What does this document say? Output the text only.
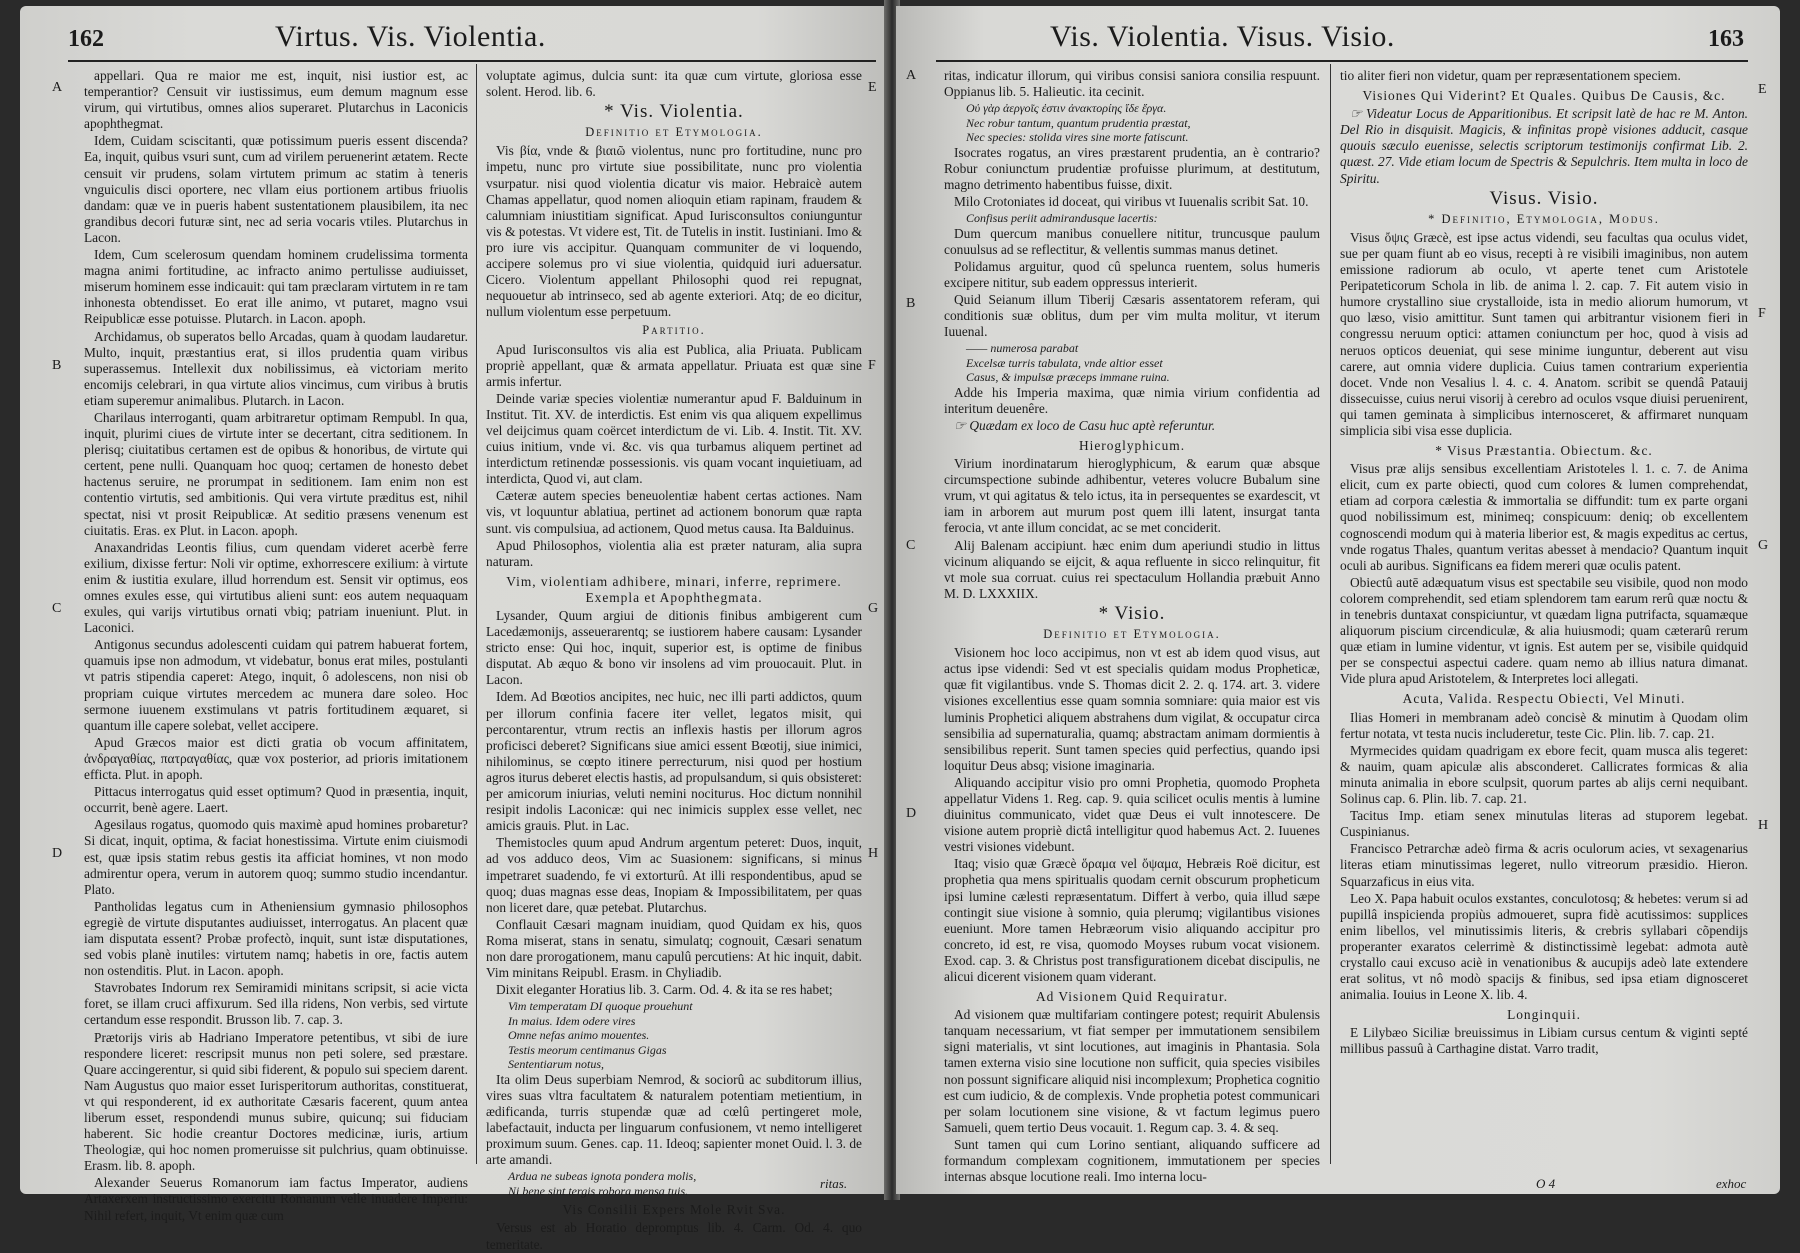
162	Virtus. Vis. Violentia.
A
B
C
D
E
F
G
H

appellari. Qua re maior me est, inquit, nisi iustior est, ac temperantior? Censuit vir iustissimus, eum demum magnum esse virum, qui virtutibus, omnes alios superaret. Plutarchus in Laconicis apophthegmat.

Idem, Cuidam sciscitanti, quæ potissimum pueris essent discenda? Ea, inquit, quibus vsuri sunt, cum ad virilem peruenerint ætatem. Recte censuit vir prudens, solam virtutem primum ac statim à teneris vnguiculis disci oportere, nec vllam eius portionem artibus friuolis dandam: quæ ve in pueris habent sustentationem plausibilem, ita nec grandibus decori futuræ sint, nec ad seria vocaris vtiles. Plutarchus in Lacon.

Idem, Cum scelerosum quendam hominem crudelissima tormenta magna animi fortitudine, ac infracto animo pertulisse audiuisset, miserum hominem esse indicauit: qui tam præclaram virtutem in re tam inhonesta obtendisset. Eo erat ille animo, vt putaret, magno vsui Reipublicæ esse potuisse. Plutarch. in Lacon. apoph.

Archidamus, ob superatos bello Arcadas, quam à quodam laudaretur. Multo, inquit, præstantius erat, si illos prudentia quam viribus superassemus. Intellexit dux nobilissimus, eà victoriam merito encomijs celebrari, in qua virtute alios vincimus, cum viribus à brutis etiam superemur animalibus. Plutarch. in Lacon.

Charilaus interroganti, quam arbitraretur optimam Rempubl. In qua, inquit, plurimi ciues de virtute inter se decertant, citra seditionem. In plerisq; ciuitatibus certamen est de opibus & honoribus, de virtute qui certent, pene nulli. Quanquam hoc quoq; certamen de honesto debet hactenus seruire, ne prorumpat in seditionem. Iam enim non est contentio virtutis, sed ambitionis. Qui vera virtute præditus est, nihil spectat, nisi vt prosit Reipublicæ. At seditio præsens venenum est ciuitatis. Eras. ex Plut. in Lacon. apoph.

Anaxandridas Leontis filius, cum quendam videret acerbè ferre exilium, dixisse fertur: Noli vir optime, exhorrescere exilium: à virtute enim & iustitia exulare, illud horrendum est. Sensit vir optimus, eos omnes exules esse, qui virtutibus alieni sunt: eos autem nequaquam exules, qui varijs virtutibus ornati vbiq; patriam inueniunt. Plut. in Laconici.

Antigonus secundus adolescenti cuidam qui patrem habuerat fortem, quamuis ipse non admodum, vt videbatur, bonus erat miles, postulanti vt patris stipendia caperet: Atego, inquit, ô adolescens, non nisi ob propriam cuique virtutes mercedem ac munera dare soleo. Hoc sermone iuuenem exstimulans vt patris fortitudinem æquaret, si quantum ille capere solebat, vellet accipere.

Apud Græcos maior est dicti gratia ob vocum affinitatem, ἀνδραγαθίας, πατραγαθίας, quæ vox posterior, ad prioris imitationem efficta. Plut. in apoph.

Pittacus interrogatus quid esset optimum? Quod in præsentia, inquit, occurrit, benè agere. Laert.

Agesilaus rogatus, quomodo quis maximè apud homines probaretur? Si dicat, inquit, optima, & faciat honestissima. Virtute enim ciuismodi est, quæ ipsis statim rebus gestis ita afficiat homines, vt non modo admirentur opera, verum in autorem quoq; summo studio incendantur. Plato.

Pantholidas legatus cum in Atheniensium gymnasio philosophos egregiè de virtute disputantes audiuisset, interrogatus. An placent quæ iam disputata essent? Probæ profectò, inquit, sunt istæ disputationes, sed vobis planè inutiles: virtutem namq; habetis in ore, factis autem non ostenditis. Plut. in Lacon. apoph.

Stavrobates Indorum rex Semiramidi minitans scripsit, si acie victa foret, se illam cruci affixurum. Sed illa ridens, Non verbis, sed virtute certandum esse respondit. Brusson lib. 7. cap. 3.

Prætorijs viris ab Hadriano Imperatore petentibus, vt sibi de iure respondere liceret: rescripsit munus non peti solere, sed præstare. Quare accingerentur, si quid sibi fiderent, & populo sui speciem darent. Nam Augustus quo maior esset Iurisperitorum authoritas, constituerat, vt qui responderent, id ex authoritate Cæsaris facerent, quum antea liberum esset, respondendi munus subire, quicunq; sui fiduciam haberent. Sic hodie creantur Doctores medicinæ, iuris, artium Theologiæ, qui hoc nomen promeruisse sit pulchrius, quam obtinuisse. Erasm. lib. 8. apoph.

Alexander Seuerus Romanorum iam factus Imperator, audiens Artaxerxem instructissimo exercitu Romanum velle inuadere Imperiu: Nihil refert, inquit, Vt enim quæ cum

voluptate agimus, dulcia sunt: ita quæ cum virtute, gloriosa esse solent. Herod. lib. 6.

* Vis. Violentia.
Definitio et Etymologia.

Vis βία, vnde & βιαιῶ violentus, nunc pro fortitudine, nunc pro impetu, nunc pro virtute siue possibilitate, nunc pro violentia vsurpatur. nisi quod violentia dicatur vis maior. Hebraicè autem Chamas appellatur, quod nomen alioquin etiam rapinam, fraudem & calumniam iniustitiam significat. Apud Iurisconsultos coniunguntur vis & potestas. Vt videre est, Tit. de Tutelis in instit. Iustiniani. Imo & pro iure vis accipitur. Quanquam communiter de vi loquendo, accipere solemus pro vi siue violentia, quidquid iuri aduersatur. Cicero. Violentum appellant Philosophi quod rei repugnat, nequouetur ab intrinseco, sed ab agente exteriori. Atq; de eo dicitur, nullum violentum esse perpetuum.

Partitio.

Apud Iurisconsultos vis alia est Publica, alia Priuata. Publicam propriè appellant, quæ & armata appellatur. Priuata est quæ sine armis infertur.

Deinde variæ species violentiæ numerantur apud F. Balduinum in Institut. Tit. XV. de interdictis. Est enim vis qua aliquem expellimus vel deijcimus quam coërcet interdictum de vi. Lib. 4. Instit. Tit. XV. cuius initium, vnde vi. &c. vis qua turbamus aliquem pertinet ad interdictum retinendæ possessionis. vis quam vocant inquietiuam, ad interdicta, Quod vi, aut clam.

Cæteræ autem species beneuolentiæ habent certas actiones. Nam vis, vt loquuntur ablatiua, pertinet ad actionem bonorum quæ rapta sunt. vis compulsiua, ad actionem, Quod metus causa. Ita Balduinus.

Apud Philosophos, violentia alia est præter naturam, alia supra naturam.

Vim, violentiam adhibere, minari, inferre, reprimere. Exempla et Apophthegmata.

Lysander, Quum argiui de ditionis finibus ambigerent cum Lacedæmonijs, asseuerarentq; se iustiorem habere causam: Lysander stricto ense: Qui hoc, inquit, superior est, is optime de finibus disputat. Ab æquo & bono vir insolens ad vim prouocauit. Plut. in Lacon.

Idem. Ad Bœotios ancipites, nec huic, nec illi parti addictos, quum per illorum confinia facere iter vellet, legatos misit, qui percontarentur, vtrum rectis an inflexis hastis per illorum agros proficisci deberet? Significans siue amici essent Bœotij, siue inimici, nihilominus, se cœpto itinere perrecturum, nisi quod per hostium agros iturus deberet electis hastis, ad propulsandum, si quis obsisteret: per amicorum iniurias, veluti nemini nociturus. Hoc dictum nonnihil resipit indolis Laconicæ: qui nec inimicis supplex esse vellet, nec amicis grauis. Plut. in Lac.

Themistocles quum apud Andrum argentum peteret: Duos, inquit, ad vos adduco deos, Vim ac Suasionem: significans, si minus impetraret suadendo, fe vi extorturû. At illi respondentibus, apud se quoq; duas magnas esse deas, Inopiam & Impossibilitatem, per quas non liceret dare, quæ petebat. Plutarchus.

Conflauit Cæsari magnam inuidiam, quod Quidam ex his, quos Roma miserat, stans in senatu, simulatq; cognouit, Cæsari senatum non dare prorogationem, manu capulû percutiens: At hic inquit, dabit. Vim minitans Reipubl. Erasm. in Chyliadib.

Dixit eleganter Horatius lib. 3. Carm. Od. 4. & ita se res habet;

Vim temperatam DI quoque prouehunt

In maius. Idem odere vires

Omne nefas animo mouentes.

Testis meorum centimanus Gigas

Sententiarum notus,

Ita olim Deus superbiam Nemrod, & sociorû ac subditorum illius, vires suas vltra facultatem & naturalem potentiam metientium, in ædificanda, turris stupendæ quæ ad cœlû pertingeret mole, labefactauit, inducta per linguarum confusionem, vt nemo intelligeret proximum suum. Genes. cap. 11. Ideoq; sapienter monet Ouid. l. 3. de arte amandi.

Ardua ne subeas ignota pondera molis,

Ni bene sint tergis robora mensa tuis.

Vis Consilii Expers Mole Rvit Sva.

Versus est ab Horatio depromptus lib. 4. Carm. Od. 4. quo temeritate.

ritas.
Vis. Violentia. Visus. Visio.	163
A
B
C
D
E
F
G
H

ritas, indicatur illorum, qui viribus consisi saniora consilia respuunt. Oppianus lib. 5. Halieutic. ita cecinit.

Οὐ γὰρ ἀεργοῖς ἐστιν ἀνακτορίης ἴδε ἔργα.

Nec robur tantum, quantum prudentia præstat,

Nec species: stolida vires sine morte fatiscunt.

Isocrates rogatus, an vires præstarent prudentia, an è contrario? Robur coniunctum prudentiæ profuisse plurimum, at destitutum, magno detrimento habentibus fuisse, dixit.

Milo Crotoniates id doceat, qui viribus vt Iuuenalis scribit Sat. 10.

Confisus periit admirandusque lacertis:

Dum quercum manibus conuellere nititur, truncusque paulum conuulsus ad se reflectitur, & vellentis summas manus detinet.

Polidamus arguitur, quod cû spelunca ruentem, solus humeris excipere nititur, sub eadem oppressus interierit.

Quid Seianum illum Tiberij Cæsaris assentatorem referam, qui conditionis suæ oblitus, dum per vim multa molitur, vt iterum Iuuenal.

—— numerosa parabat

Excelsæ turris tabulata, vnde altior esset

Casus, & impulsæ præceps immane ruina.

Adde his Imperia maxima, quæ nimia virium confidentia ad interitum deuenêre.

☞ Quædam ex loco de Casu huc aptè referuntur.

Hieroglyphicum.

Virium inordinatarum hieroglyphicum, & earum quæ absque circumspectione subinde adhibentur, veteres volucre Bubalum sine vrum, vt qui agitatus & telo ictus, ita in persequentes se exardescit, vt iam in arborem aut murum post quem illi latent, insurgat tanta ferocia, vt ante illum concidat, ac se met conciderit.

Alij Balenam accipiunt. hæc enim dum aperiundi studio in littus vicinum aliquando se eijcit, & aqua refluente in sicco relinquitur, fit vt mole sua corruat. cuius rei spectaculum Hollandia præbuit Anno M. D. LXXXIIX.

* Visio.
Definitio et Etymologia.

Visionem hoc loco accipimus, non vt est ab idem quod visus, aut actus ipse videndi: Sed vt est specialis quidam modus Propheticæ, quæ fit vigilantibus. vnde S. Thomas dicit 2. 2. q. 174. art. 3. videre visiones excellentius esse quam somnia somniare: quia maior est vis luminis Prophetici aliquem abstrahens dum vigilat, & occupatur circa sensibilia ad supernaturalia, quamq; abstractam animam dormientis à sensibilibus reperit. Sunt tamen species quid perfectius, quando ipsi loquitur Deus absq; visione imaginaria.

Aliquando accipitur visio pro omni Prophetia, quomodo Propheta appellatur Videns 1. Reg. cap. 9. quia scilicet oculis mentis à lumine diuinitus communicato, videt quæ Deus ei vult innotescere. De visione autem propriè dictâ intelligitur quod habemus Act. 2. Iuuenes vestri visiones videbunt.

Itaq; visio quæ Græcè ὅραμα vel ὄψαμα, Hebræis Roë dicitur, est prophetia qua mens spiritualis quodam cernit obscurum propheticum ipsi lumine cælesti repræsentatum. Differt à verbo, quia illud sæpe contingit siue visione à somnio, quia plerumq; vigilantibus visiones eueniunt. More tamen Hebræorum visio aliquando accipitur pro concreto, id est, re visa, quomodo Moyses rubum vocat visionem. Exod. cap. 3. & Christus post transfigurationem dicebat discipulis, ne alicui dicerent visionem quam viderant.

Ad Visionem Quid Requiratur.

Ad visionem quæ multifariam contingere potest; requirit Abulensis tanquam necessarium, vt fiat semper per immutationem sensibilem signi materialis, vt sint locutiones, aut imaginis in Phantasia. Sola tamen externa visio sine locutione non sufficit, quia species visibiles non possunt significare aliquid nisi incomplexum; Prophetica cognitio est cum iudicio, & de complexis. Vnde prophetia potest communicari per solam locutionem sine visione, & vt factum legimus puero Samueli, quem tertio Deus vocauit. 1. Regum cap. 3. 4. & seq.

Sunt tamen qui cum Lorino sentiant, aliquando sufficere ad formandum complexam cognitionem, immutationem per species internas absque locutione reali. Imo interna locu-

tio aliter fieri non videtur, quam per repræsentationem speciem.

Visiones Qui Viderint? Et Quales. Quibus De Causis, &c.

☞ Videatur Locus de Apparitionibus. Et scripsit latè de hac re M. Anton. Del Rio in disquisit. Magicis, & infinitas propè visiones adducit, casque quouis sæculo euenisse, selectis scriptorum testimonijs confirmat Lib. 2. quæst. 27. Vide etiam locum de Spectris & Sepulchris. Item multa in loco de Spiritu.

Visus. Visio.
* Definitio, Etymologia, Modus.

Visus ὄψις Græcè, est ipse actus videndi, seu facultas qua oculus videt, sue per quam fiunt ab eo visus, recepti à re visibili imaginibus, non autem emissione radiorum ab oculo, vt aperte tenet cum Aristotele Peripateticorum Schola in lib. de anima l. 2. cap. 7. Fit autem visio in humore crystallino siue crystalloide, ista in medio aliorum humorum, vt quo læso, visio amittitur. Sunt tamen qui arbitrantur visionem fieri in congressu neruum optici: attamen coniunctum per hoc, quod à visis ad neruos opticos deueniat, qui sese minime iunguntur, deberent aut visu carere, aut omnia videre duplicia. Cuius tamen contrarium experientia docet. Vnde non Vesalius l. 4. c. 4. Anatom. scribit se quendâ Patauij dissecuisse, cuius nerui visorij à cerebro ad oculos vsque diuisi peruenirent, qui tamen geminata à simplicibus internosceret, & affirmaret nunquam simplicia sibi visa esse duplicia.

* Visus Præstantia. Obiectum. &c.

Visus præ alijs sensibus excellentiam Aristoteles l. 1. c. 7. de Anima elicit, cum ex parte obiecti, quod cum colores & lumen comprehendat, etiam ad corpora cælestia & immortalia se diffundit: tum ex parte organi quod nobilissimum est, minimeq; conspicuum: deniq; ob excellentem cognoscendi modum qui à materia liberior est, & magis expeditus ac certus, vnde rogatus Thales, quantum veritas abesset à mendacio? Quantum inquit oculi ab auribus. Significans ea fidem mereri quæ oculis patent.

Obiectû autē adæquatum visus est spectabile seu visibile, quod non modo colorem comprehendit, sed etiam splendorem tam earum rerû quæ noctu & in tenebris duntaxat conspiciuntur, vt quædam ligna putrifacta, squamæque aliquorum piscium circendiculæ, & alia huiusmodi; quam cæterarû rerum quæ etiam in lumine videntur, vt ignis. Est autem per se, visibile quidquid per se conspectui aspectui cadere. quam nemo ab illius natura dimanat. Vide plura apud Aristotelem, & Interpretes loci allegati.

Acuta, Valida. Respectu Obiecti, Vel Minuti.

Ilias Homeri in membranam adeò concisè & minutim à Quodam olim fertur notata, vt testa nucis includeretur, teste Cic. Plin. lib. 7. cap. 21.

Myrmecides quidam quadrigam ex ebore fecit, quam musca alis tegeret: & nauim, quam apiculæ alis absconderet. Callicrates formicas & alia minuta animalia in ebore sculpsit, quorum partes ab alijs cerni nequibant. Solinus cap. 6. Plin. lib. 7. cap. 21.

Tacitus Imp. etiam senex minutulas literas ad stuporem legebat. Cuspinianus.

Francisco Petrarchæ adeò firma & acris oculorum acies, vt sexagenarius literas etiam minutissimas legeret, nullo vitreorum præsidio. Hieron. Squarzaficus in eius vita.

Leo X. Papa habuit oculos exstantes, conculotosq; & hebetes: verum si ad pupillâ inspicienda propiùs admoueret, supra fidè acutissimos: supplices enim libellos, vel minutissimis literis, & crebris syllabari cõpendijs properanter exaratos celerrimè & distinctissimè legebat: admota autè crystallo caui excuso aciè in venationibus & aucupijs adeò late extendere erat solitus, vt nô modò spacijs & finibus, sed ipsa etiam dignosceret animalia. Iouius in Leone X. lib. 4.

Longinquii.

E Lilybæo Siciliæ breuissimus in Libiam cursus centum & viginti septé millibus passuû à Carthagine distat. Varro tradit,

O 4	exhoc
